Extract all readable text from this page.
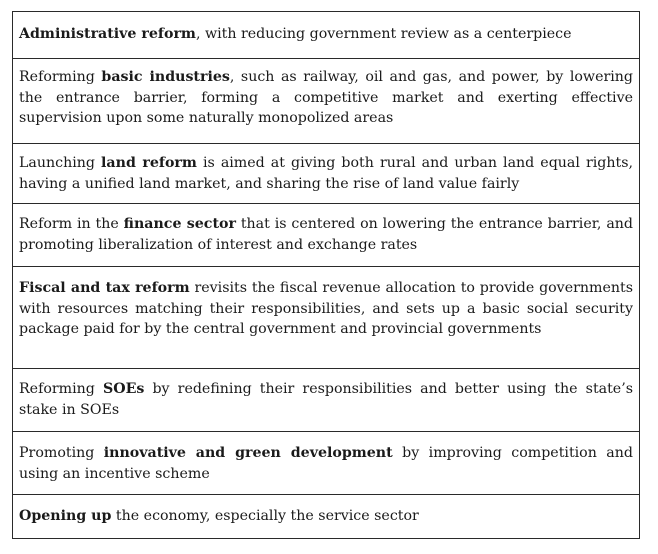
Administrative reform, with reducing government review as a centerpiece
Reforming basic industries, such as railway, oil and gas, and power, by lowering the entrance barrier, forming a competitive market and exerting effective supervision upon some naturally monopolized areas
Launching land reform is aimed at giving both rural and urban land equal rights, having a unified land market, and sharing the rise of land value fairly
Reform in the finance sector that is centered on lowering the entrance barrier, and promoting liberalization of interest and exchange rates
Fiscal and tax reform revisits the fiscal revenue allocation to provide governments with resources matching their responsibilities, and sets up a basic social security package paid for by the central government and provincial governments
Reforming SOEs by redefining their responsibilities and better using the state’s stake in SOEs
Promoting innovative and green development by improving competition and using an incentive scheme
Opening up the economy, especially the service sector
